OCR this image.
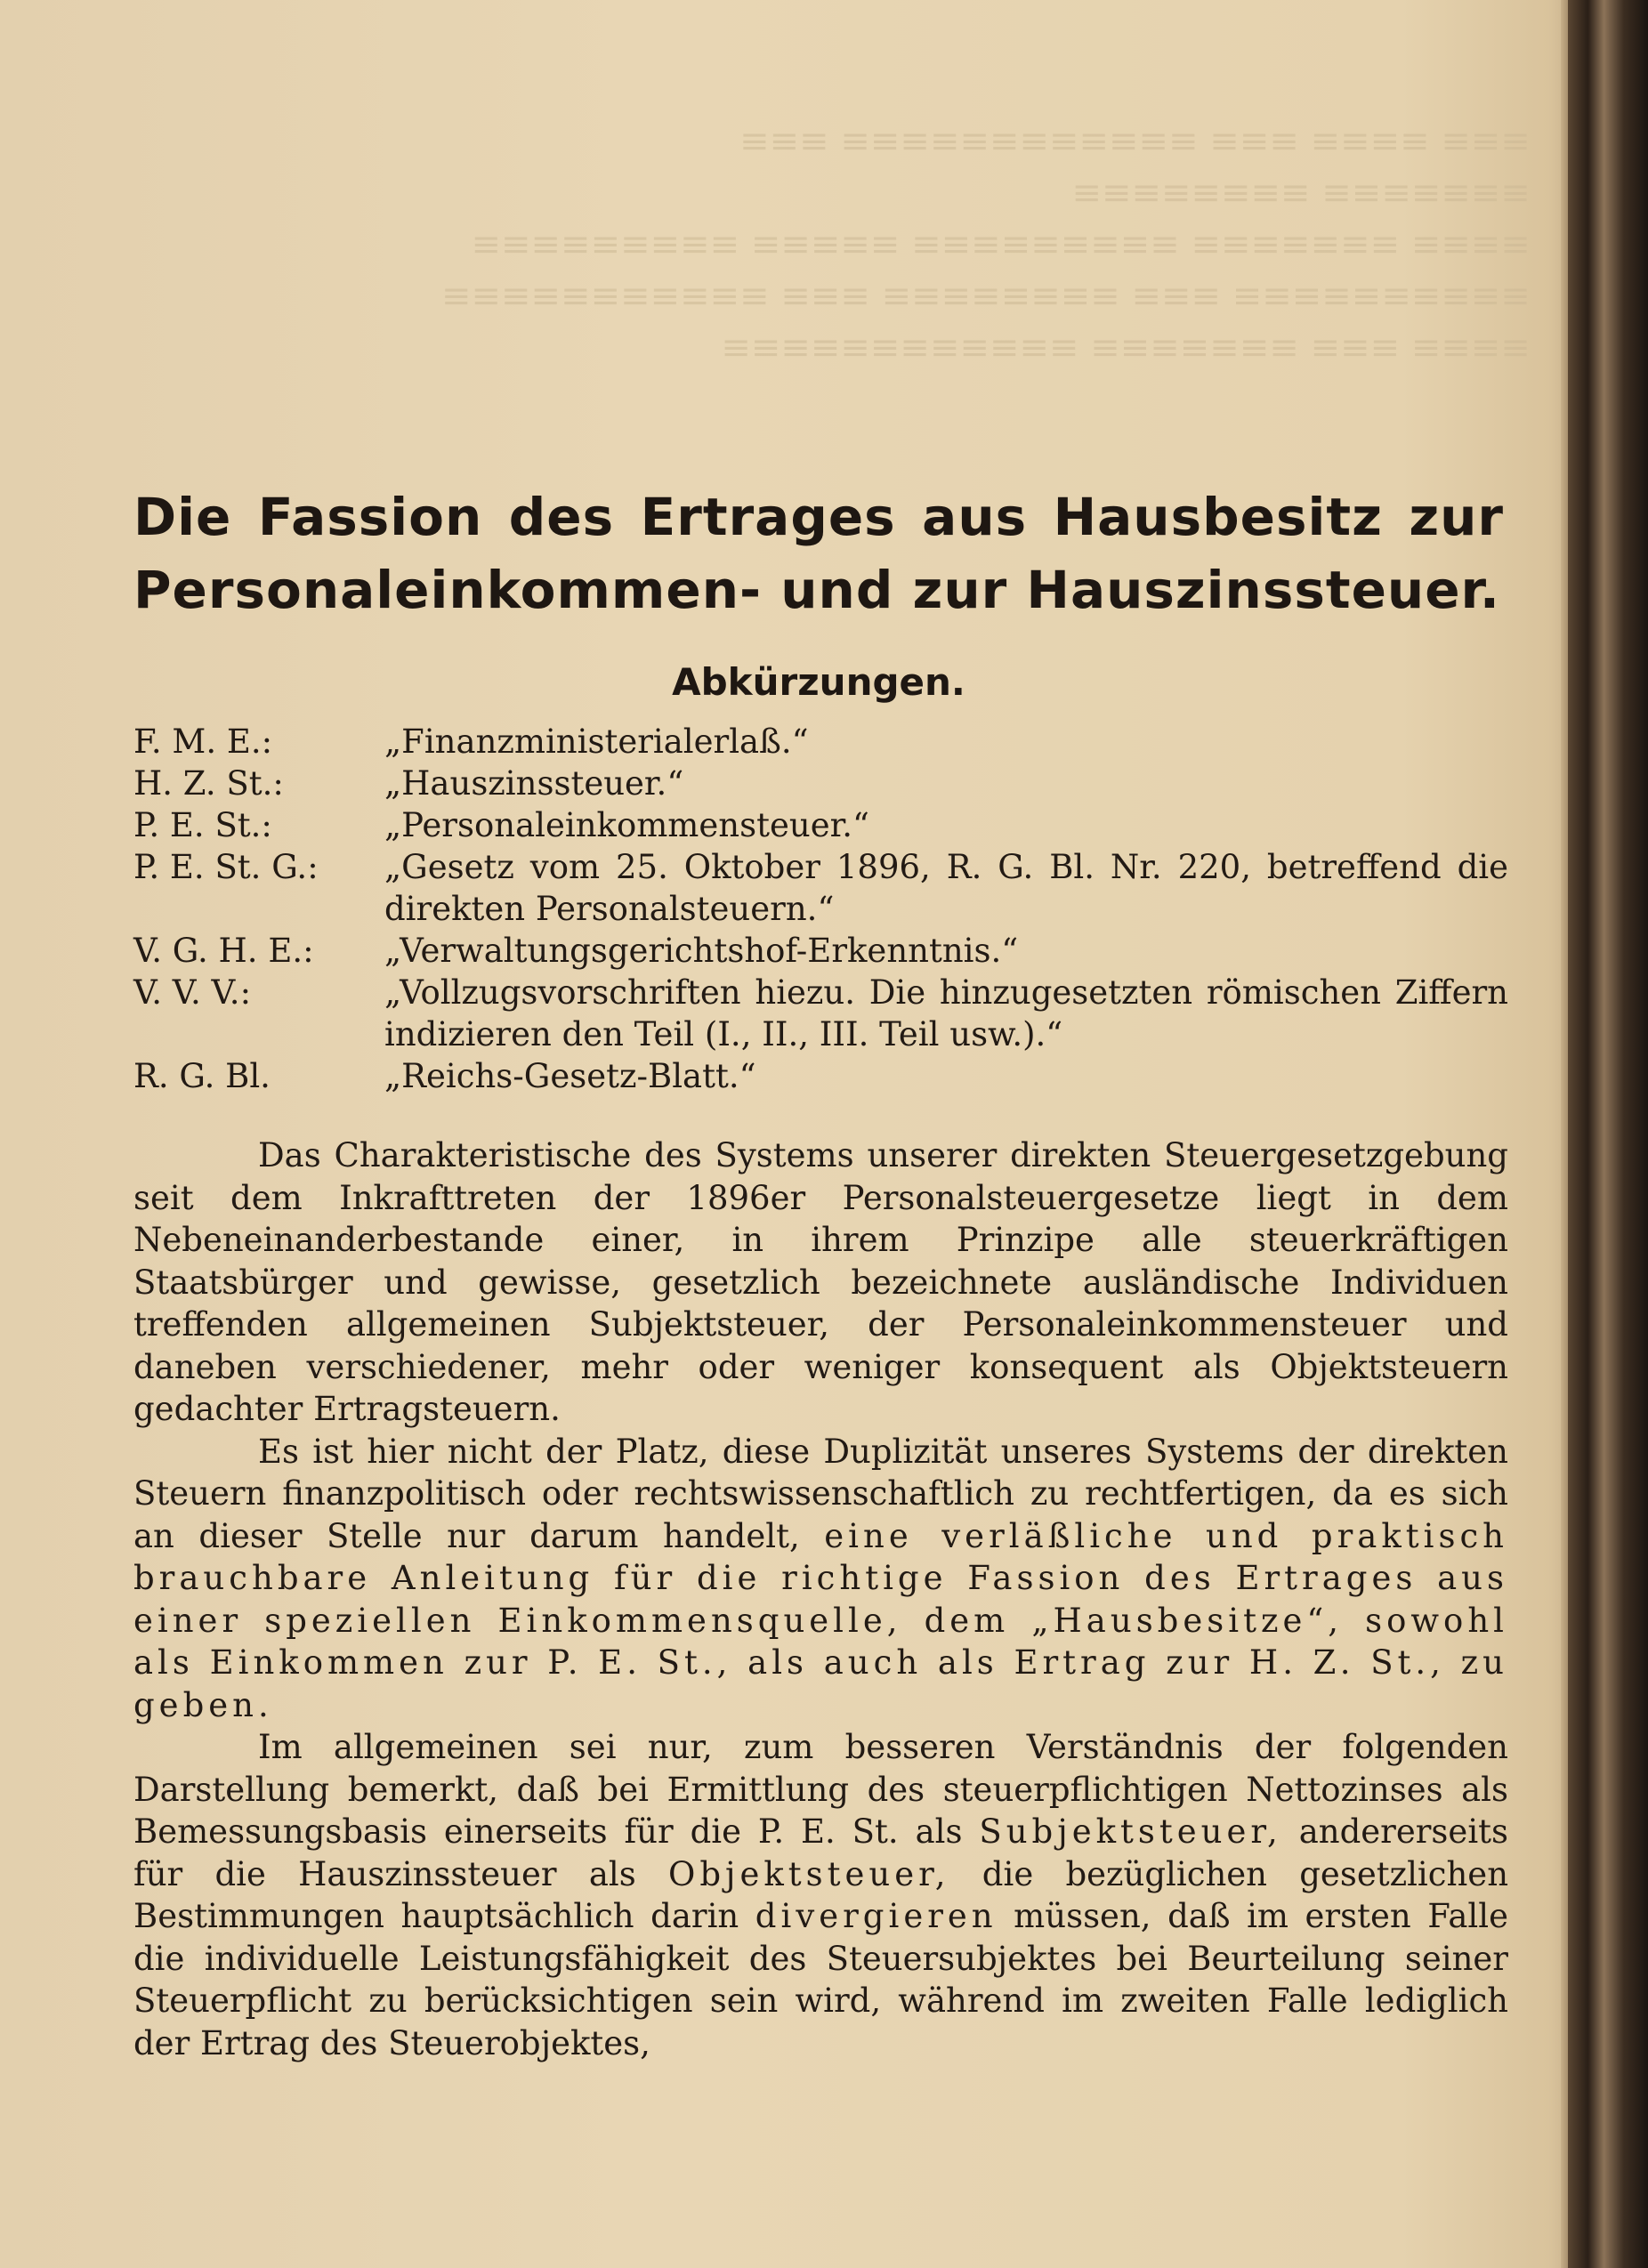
≡≡≡ ≡≡≡≡ ≡≡≡ ≡≡≡≡≡≡≡≡≡≡≡≡ ≡≡≡
≡≡≡≡≡≡≡ ≡≡≡≡≡≡≡≡
≡≡≡≡ ≡≡≡≡≡≡≡ ≡≡≡≡≡≡≡≡≡ ≡≡≡≡≡ ≡≡≡≡≡≡≡≡≡
≡≡≡≡≡≡≡≡≡≡ ≡≡≡ ≡≡≡≡≡≡≡≡ ≡≡≡ ≡≡≡≡≡≡≡≡≡≡≡
≡≡≡≡ ≡≡≡ ≡≡≡≡≡≡≡ ≡≡≡≡≡≡≡≡≡≡≡≡
Die Fassion des Ertrages aus Hausbesitz zur Personaleinkommen- und zur Hauszinssteuer.
Abkürzungen.
F. M. E.:	„Finanzministerialerlaß.“
H. Z. St.:	„Hauszinssteuer.“
P. E. St.:	„Personaleinkommensteuer.“
P. E. St. G.:	„Gesetz vom 25. Oktober 1896, R. G. Bl. Nr. 220, betreffend die direkten Personalsteuern.“
V. G. H. E.:	„Verwaltungsgerichtshof-Erkenntnis.“
V. V. V.:	„Vollzugsvorschriften hiezu. Die hinzugesetzten römischen Ziffern indizieren den Teil (I., II., III. Teil usw.).“
R. G. Bl.	„Reichs-Gesetz-Blatt.“

Das Charakteristische des Systems unserer direkten Steuergesetzgebung seit dem Inkrafttreten der 1896er Personalsteuergesetze liegt in dem Nebeneinanderbestande einer, in ihrem Prinzipe alle steuerkräftigen Staatsbürger und gewisse, gesetzlich bezeichnete ausländische Individuen treffenden allgemeinen Subjektsteuer, der Personaleinkommensteuer und daneben verschiedener, mehr oder weniger konsequent als Objektsteuern gedachter Ertragsteuern.

Es ist hier nicht der Platz, diese Duplizität unseres Systems der direkten Steuern finanzpolitisch oder rechtswissenschaftlich zu rechtfertigen, da es sich an dieser Stelle nur darum handelt, eine verläßliche und praktisch brauchbare Anleitung für die richtige Fassion des Ertrages aus einer speziellen Einkommensquelle, dem „Hausbesitze“, sowohl als Einkommen zur P. E. St., als auch als Ertrag zur H. Z. St., zu geben.

Im allgemeinen sei nur, zum besseren Verständnis der folgenden Darstellung bemerkt, daß bei Ermittlung des steuerpflichtigen Nettozinses als Bemessungsbasis einerseits für die P. E. St. als Subjektsteuer, andererseits für die Hauszinssteuer als Objektsteuer, die bezüglichen gesetzlichen Bestimmungen hauptsächlich darin divergieren müssen, daß im ersten Falle die individuelle Leistungsfähigkeit des Steuersubjektes bei Beurteilung seiner Steuerpflicht zu berücksichtigen sein wird, während im zweiten Falle lediglich der Ertrag des Steuerobjektes,
